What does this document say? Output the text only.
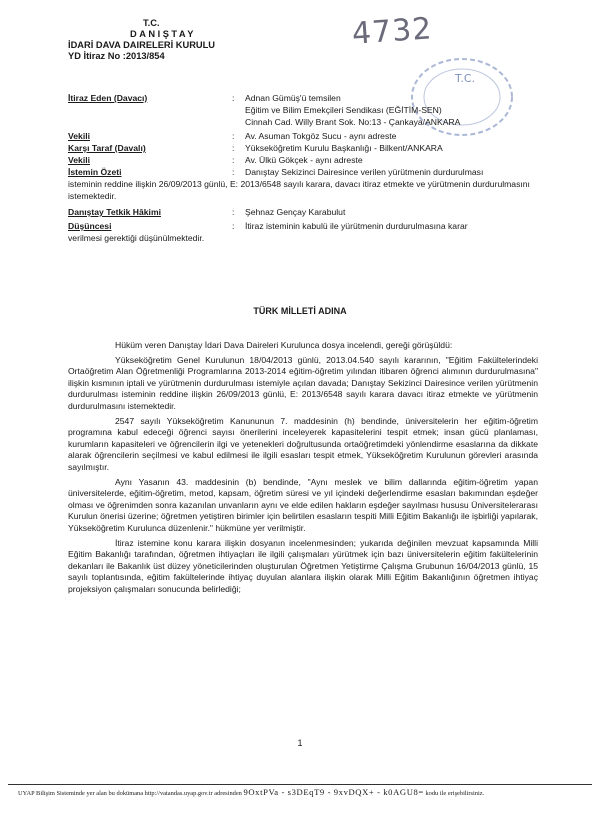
T.C.
DANIŞTAY
İDARİ DAVA DAIRELERİ KURULU
YD İtiraz No :2013/854
4732
T.C.
İtiraz Eden (Davacı)	:	Adnan Gümüş'ü temsilen
Eğitim ve Bilim Emekçileri Sendikası (EĞİTİM-SEN)
Cinnah Cad. Willy Brant Sok. No:13 - Çankaya/ANKARA
Vekili	:	Av. Asuman Tokgöz Sucu - aynı adreste
Karşı Taraf (Davalı)	:	Yükseköğretim Kurulu Başkanlığı - Bilkent/ANKARA
Vekili	:	Av. Ülkü Gökçek - aynı adreste
İstemin Özeti	:	Danıştay Sekizinci Dairesince verilen yürütmenin durdurulması
isteminin reddine ilişkin 26/09/2013 günlü, E: 2013/6548 sayılı karara, davacı itiraz etmekte ve yürütmenin durdurulmasını istemektedir.
Danıştay Tetkik Hâkimi	:	Şehnaz Gençay Karabulut
Düşüncesi	:	İtiraz isteminin kabulü ile yürütmenin durdurulmasına karar
verilmesi gerektiği düşünülmektedir.
TÜRK MİLLETİ ADINA

Hüküm veren Danıştay İdari Dava Daireleri Kurulunca dosya incelendi, gereği görüşüldü:

Yükseköğretim Genel Kurulunun 18/04/2013 günlü, 2013.04.540 sayılı kararının, "Eğitim Fakültelerindeki Ortaöğretim Alan Öğretmenliği Programlarına 2013-2014 eğitim-öğretim yılından itibaren öğrenci alımının durdurulmasına" ilişkin kısmının iptali ve yürütmenin durdurulması istemiyle açılan davada; Danıştay Sekizinci Dairesince verilen yürütmenin durdurulması isteminin reddine ilişkin 26/09/2013 günlü, E: 2013/6548 sayılı karara davacı itiraz etmekte ve yürütmenin durdurulmasını istemektedir.

2547 sayılı Yükseköğretim Kanununun 7. maddesinin (h) bendinde, üniversitelerin her eğitim-öğretim programına kabul edeceği öğrenci sayısı önerilerini inceleyerek kapasitelerini tespit etmek; insan gücü planlaması, kurumların kapasiteleri ve öğrencilerin ilgi ve yetenekleri doğrultusunda ortaöğretimdeki yönlendirme esaslarına da dikkate alarak öğrencilerin seçilmesi ve kabul edilmesi ile ilgili esasları tespit etmek, Yükseköğretim Kurulunun görevleri arasında sayılmıştır.

Aynı Yasanın 43. maddesinin (b) bendinde, "Aynı meslek ve bilim dallarında eğitim-öğretim yapan üniversitelerde, eğitim-öğretim, metod, kapsam, öğretim süresi ve yıl içindeki değerlendirme esasları bakımından eşdeğer olması ve öğrenimden sonra kazanılan unvanların aynı ve elde edilen hakların eşdeğer sayılması hususu Üniversitelerarası Kurulun önerisi üzerine; öğretmen yetiştiren birimler için belirtilen esasların tespiti Milli Eğitim Bakanlığı ile işbirliği yapılarak, Yükseköğretim Kurulunca düzenlenir." hükmüne yer verilmiştir.

İtiraz istemine konu karara ilişkin dosyanın incelenmesinden; yukarıda değinilen mevzuat kapsamında Milli Eğitim Bakanlığı tarafından, öğretmen ihtiyaçları ile ilgili çalışmaları yürütmek için bazı üniversitelerin eğitim fakültelerinin dekanları ile Bakanlık üst düzey yöneticilerinden oluşturulan Öğretmen Yetiştirme Çalışma Grubunun 16/04/2013 günlü, 15 sayılı toplantısında, eğitim fakültelerinde ihtiyaç duyulan alanlara ilişkin olarak Milli Eğitim Bakanlığının öğretmen ihtiyaç projeksiyon çalışmaları sonucunda belirlediği;

1
UYAP Bilişim Sisteminde yer alan bu dokümana http://vatandas.uyap.gov.tr adresinden 9OxtPVa - s3DEqT9 - 9xvDQX+ - k0AGU8= kodu ile erişebilirsiniz.
